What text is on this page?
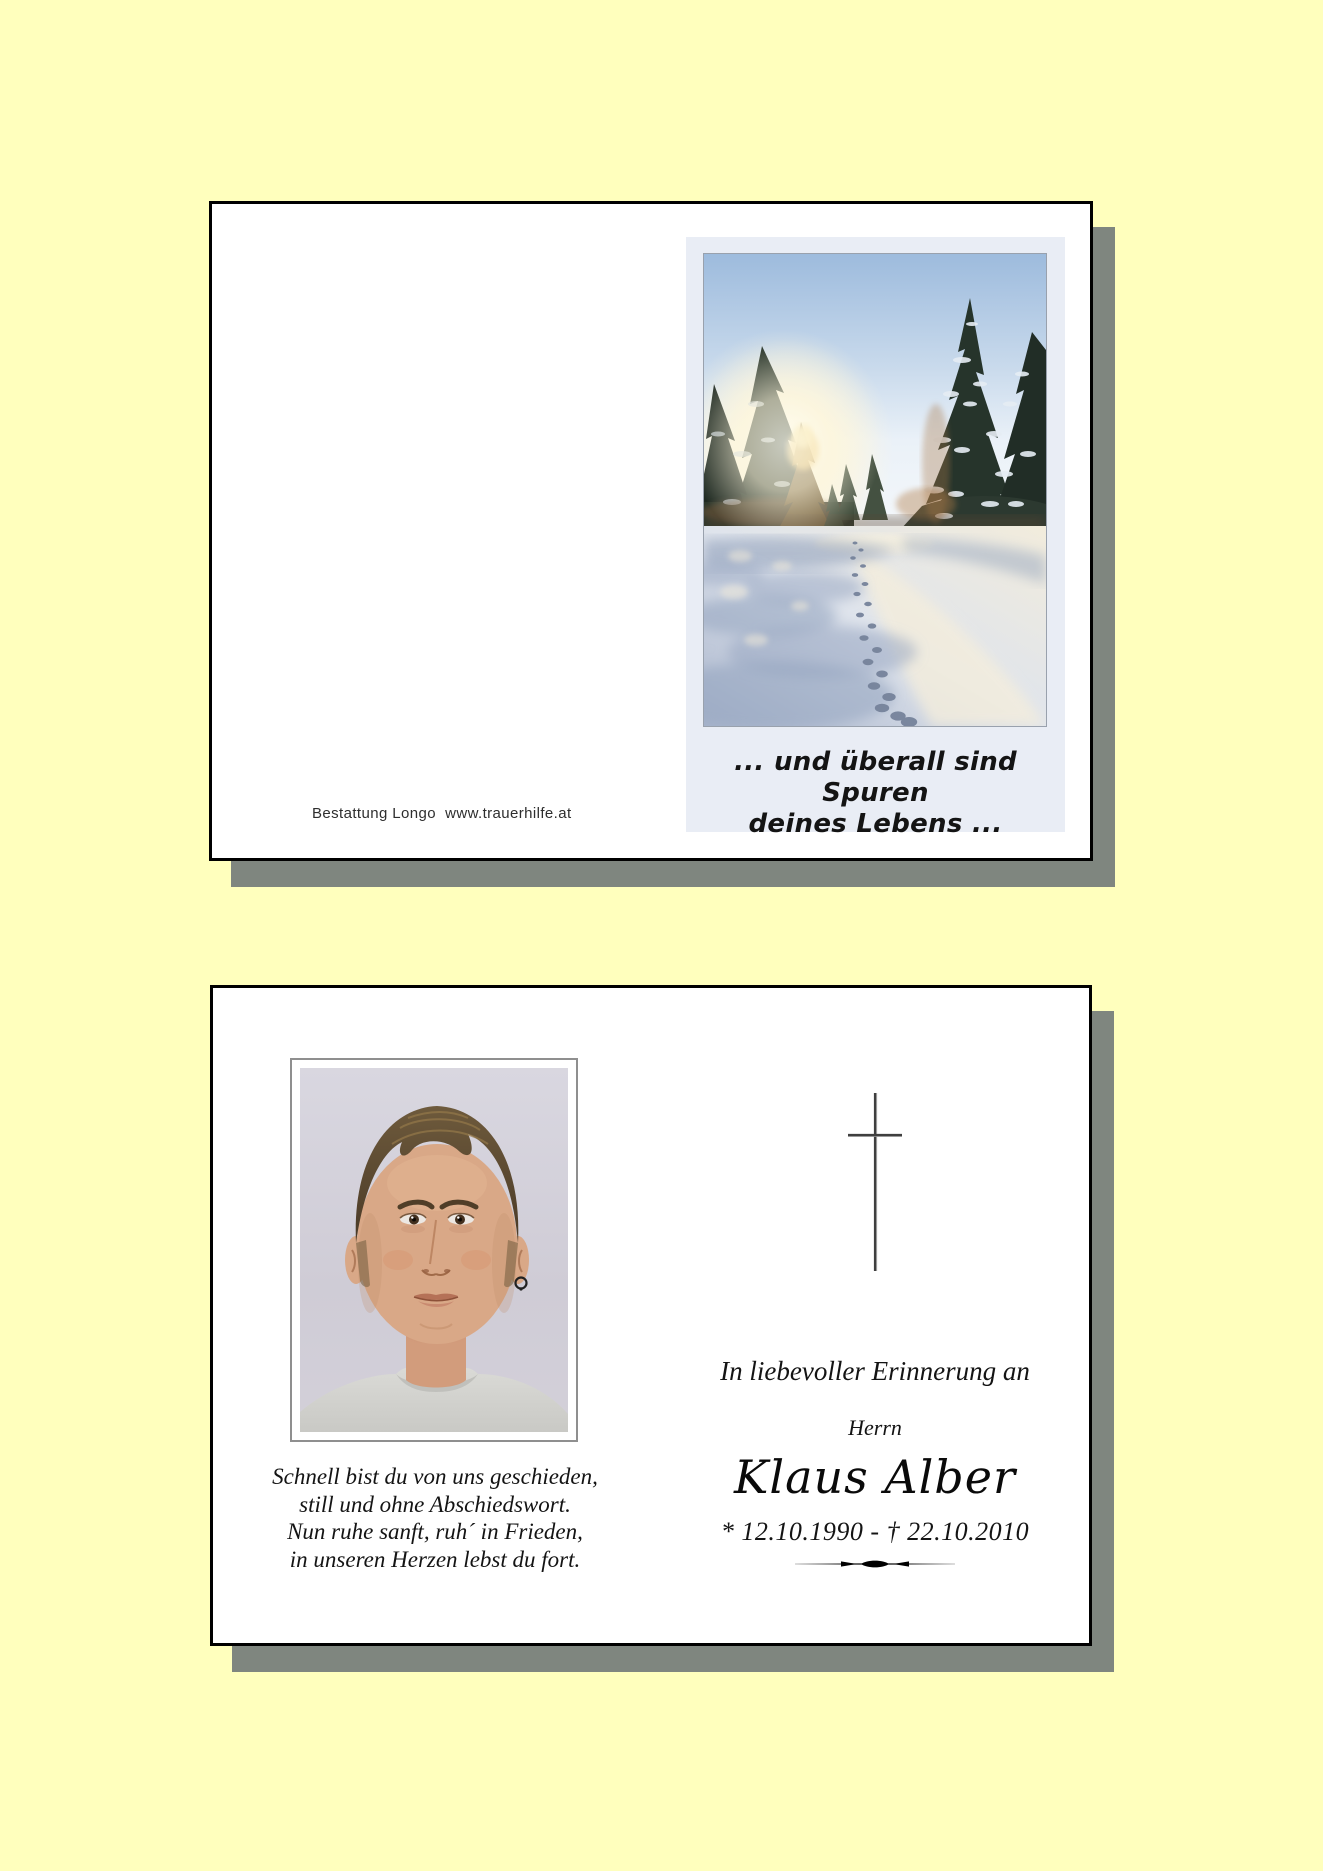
Bestattung Longo  www.trauerhilfe.at
... und überall sind Spuren
deines Lebens ...
Schnell bist du von uns geschieden,
still und ohne Abschiedswort.
Nun ruhe sanft, ruh´ in Frieden,
in unseren Herzen lebst du fort.
In liebevoller Erinnerung an
Herrn
Klaus Alber
* 12.10.1990 - † 22.10.2010
